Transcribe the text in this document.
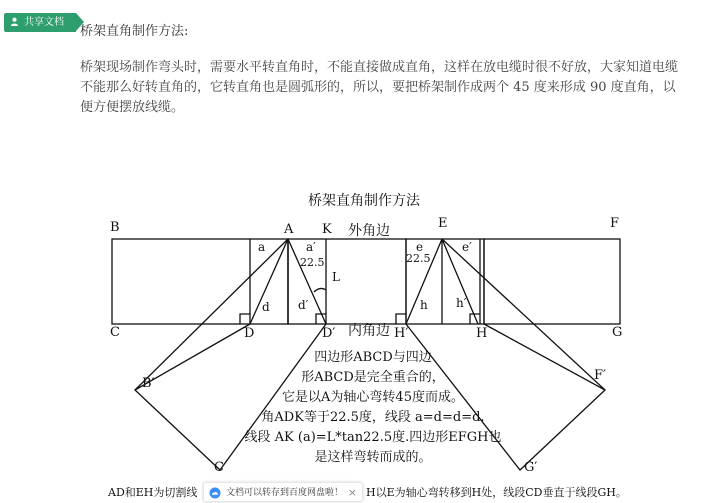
共享文档
桥架直角制作方法:
桥架现场制作弯头时，需要水平转直角时，不能直接做成直角，这样在放电缆时很不好放，大家知道电缆不能那么好转直角的，它转直角也是圆弧形的，所以，要把桥架制作成两个 45 度来形成 90 度直角，以便方便摆放线缆。
桥架直角制作方法
外角边
内角边
B	F
C	G
A K	E
D	D′	H′	H
B′
C′
F′
G′
L
a	a′
22.5
d d′
e
22.5
e′
h h′
四边形ABCD与四边
形ABCD是完全重合的，
它是以A为轴心弯转45度而成。
角ADK等于22.5度，线段 a=d=d=d.
线段 AK (a)=L*tan22.5度.四边形EFGH也
是这样弯转而成的。
AD和EH为切割线	H以E为轴心弯转移到H处，线段CD垂直于线段GH。
文档可以转存到百度网盘啦！ ×
